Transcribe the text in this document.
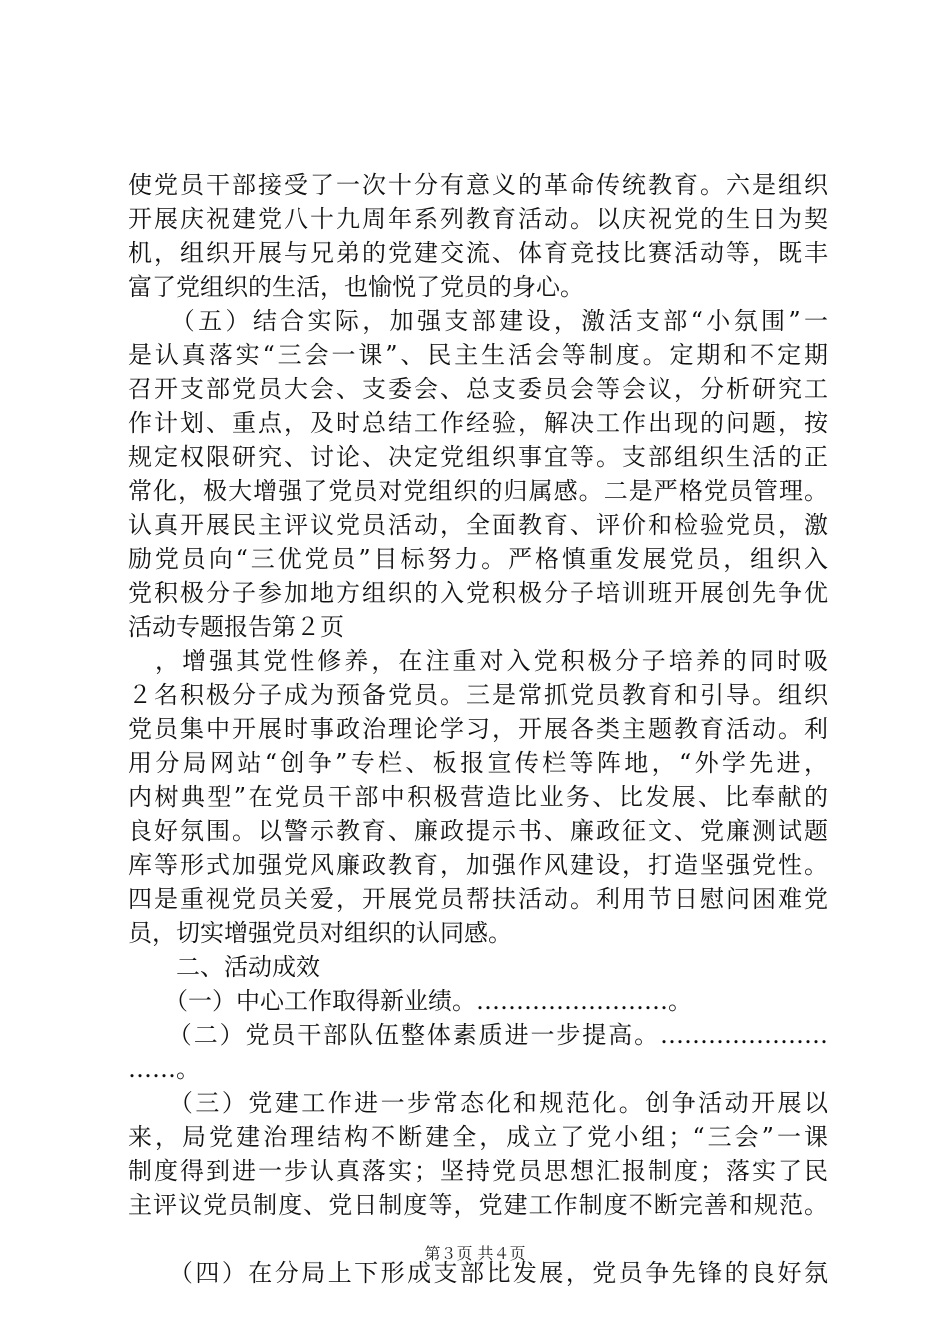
使党员干部接受了一次十分有意义的革命传统教育。六是组织
开展庆祝建党八十九周年系列教育活动。以庆祝党的生日为契
机，组织开展与兄弟的党建交流、体育竞技比赛活动等，既丰
富了党组织的生活，也愉悦了党员的身心。
　　（五）结合实际，加强支部建设，激活支部“小氛围”一
是认真落实“三会一课”、民主生活会等制度。定期和不定期
召开支部党员大会、支委会、总支委员会等会议，分析研究工
作计划、重点，及时总结工作经验，解决工作出现的问题，按
规定权限研究、讨论、决定党组织事宜等。支部组织生活的正
常化，极大增强了党员对党组织的归属感。二是严格党员管理。
认真开展民主评议党员活动，全面教育、评价和检验党员，激
励党员向“三优党员”目标努力。严格慎重发展党员，组织入
党积极分子参加地方组织的入党积极分子培训班开展创先争优
活动专题报告第２页
　，增强其党性修养，在注重对入党积极分子培养的同时吸
２名积极分子成为预备党员。三是常抓党员教育和引导。组织
党员集中开展时事政治理论学习，开展各类主题教育活动。利
用分局网站“创争”专栏、板报宣传栏等阵地，“外学先进，
内树典型”在党员干部中积极营造比业务、比发展、比奉献的
良好氛围。以警示教育、廉政提示书、廉政征文、党廉测试题
库等形式加强党风廉政教育，加强作风建设，打造坚强党性。
四是重视党员关爱，开展党员帮扶活动。利用节日慰问困难党
员，切实增强党员对组织的认同感。
　　二、活动成效
　　（一）中心工作取得新业绩。……………………。
　　（二）党员干部队伍整体素质进一步提高。…………………
……。
　　（三）党建工作进一步常态化和规范化。创争活动开展以
来，局党建治理结构不断建全，成立了党小组；“三会”一课
制度得到进一步认真落实；坚持党员思想汇报制度；落实了民
主评议党员制度、党日制度等，党建工作制度不断完善和规范。
　　（四）在分局上下形成支部比发展，党员争先锋的良好氛
第３页 共４页
